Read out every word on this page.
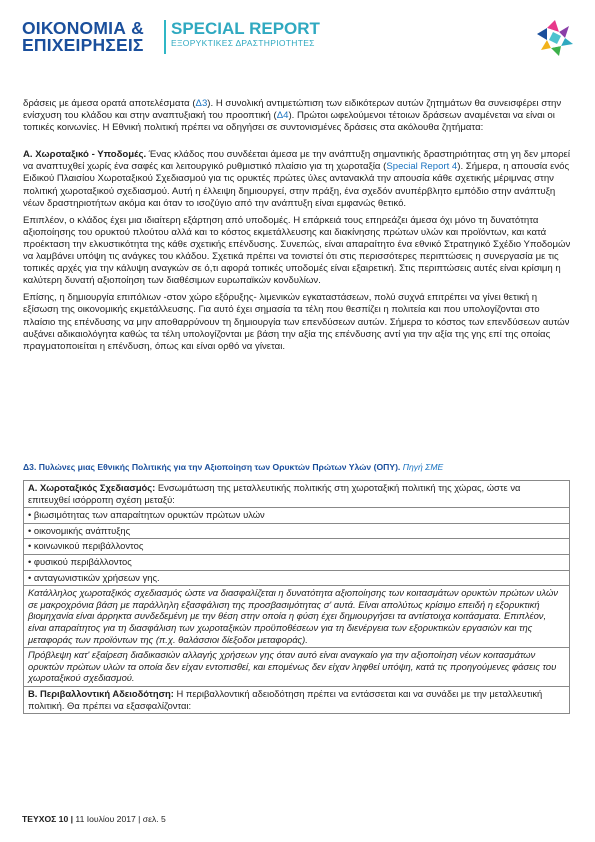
ΟΙΚΟΝΟΜΙΑ &
ΕΠΙΧΕΙΡΗΣΕΙΣ
SPECIAL REPORT
ΕΞΟΡΥΚΤΙΚΕΣ ΔΡΑΣΤΗΡΙΟΤΗΤΕΣ

δράσεις με άμεσα ορατά αποτελέσματα (Δ3). Η συνολική αντιμετώπιση των ειδικότερων αυτών ζητημάτων θα συνεισφέρει στην ενίσχυση του κλάδου και στην αναπτυξιακή του προοπτική (Δ4). Πρώτοι ωφελούμενοι τέτοιων δράσεων αναμένεται να είναι οι τοπικές κοινωνίες. Η Εθνική πολιτική πρέπει να οδηγήσει σε συντονισμένες δράσεις στα ακόλουθα ζητήματα:

Α. Χωροταξικό - Υποδομές. Ένας κλάδος που συνδέεται άμεσα με την ανάπτυξη σημαντικής δραστηριότητας στη γη δεν μπορεί να αναπτυχθεί χωρίς ένα σαφές και λειτουργικό ρυθμιστικό πλαίσιο για τη χωροταξία (Special Report 4). Σήμερα, η απουσία ενός Ειδικού Πλαισίου Χωροταξικού Σχεδιασμού για τις ορυκτές πρώτες ύλες αντανακλά την απουσία κάθε σχετικής μέριμνας στην πολιτική χωροταξικού σχεδιασμού. Αυτή η έλλειψη δημιουργεί, στην πράξη, ένα σχεδόν ανυπέρβλητο εμπόδιο στην ανάπτυξη νέων δραστηριοτήτων ακόμα και όταν το ισοζύγιο από την ανάπτυξη είναι εμφανώς θετικό.

Επιπλέον, ο κλάδος έχει μια ιδιαίτερη εξάρτηση από υποδομές. Η επάρκειά τους επηρεάζει άμεσα όχι μόνο τη δυνατότητα αξιοποίησης του ορυκτού πλούτου αλλά και το κόστος εκμετάλλευσης και διακίνησης πρώτων υλών και προϊόντων, και κατά προέκταση την ελκυστικότητα της κάθε σχετικής επένδυσης. Συνεπώς, είναι απαραίτητο ένα εθνικό Στρατηγικό Σχέδιο Υποδομών να λαμβάνει υπόψη τις ανάγκες του κλάδου. Σχετικά πρέπει να τονιστεί ότι στις περισσότερες περιπτώσεις η συνεργασία με τις τοπικές αρχές για την κάλυψη αναγκών σε ό,τι αφορά τοπικές υποδομές είναι εξαιρετική. Στις περιπτώσεις αυτές είναι κρίσιμη η καλύτερη δυνατή αξιοποίηση των διαθέσιμων ευρωπαϊκών κονδυλίων.

Επίσης, η δημιουργία επιπόλιων -στον χώρο εξόρυξης- λιμενικών εγκαταστάσεων, πολύ συχνά επιτρέπει να γίνει θετική η εξίσωση της οικονομικής εκμετάλλευσης. Για αυτό έχει σημασία τα τέλη που θεσπίζει η πολιτεία και που υπολογίζονται στο πλαίσιο της επένδυσης να μην αποθαρρύνουν τη δημιουργία των επενδύσεων αυτών. Σήμερα το κόστος των επενδύσεων αυτών αυξάνει αδικαιολόγητα καθώς τα τέλη υπολογίζονται με βάση την αξία της επένδυσης αντί για την αξία της γης επί της οποίας πραγματοποιείται η επένδυση, όπως και είναι ορθό να γίνεται.

Δ3. Πυλώνες μιας Εθνικής Πολιτικής για την Αξιοποίηση των Ορυκτών Πρώτων Υλών (ΟΠΥ). Πηγή ΣΜΕ
Α. Χωροταξικός Σχεδιασμός: Ενσωμάτωση της μεταλλευτικής πολιτικής στη χωροταξική πολιτική της χώρας, ώστε να επιτευχθεί ισόρροπη σχέση μεταξύ:
• βιωσιμότητας των απαραίτητων ορυκτών πρώτων υλών
• οικονομικής ανάπτυξης
• κοινωνικού περιβάλλοντος
• φυσικού περιβάλλοντος
• ανταγωνιστικών χρήσεων γης.
Κατάλληλος χωροταξικός σχεδιασμός ώστε να διασφαλίζεται η δυνατότητα αξιοποίησης των κοιτασμάτων ορυκτών πρώτων υλών σε μακροχρόνια βάση με παράλληλη εξασφάλιση της προσβασιμότητας σ' αυτά. Είναι απολύτως κρίσιμο επειδή η εξορυκτική βιομηχανία είναι άρρηκτα συνδεδεμένη με την θέση στην οποία η φύση έχει δημιουργήσει τα αντίστοιχα κοιτάσματα. Επιπλέον, είναι απαραίτητος για τη διασφάλιση των χωροταξικών προϋποθέσεων για τη διενέργεια των εξορυκτικών εργασιών και της μεταφοράς των προϊόντων της (π.χ. θαλάσσιοι δίεξοδοι μεταφοράς).
Πρόβλεψη κατ' εξαίρεση διαδικασιών αλλαγής χρήσεων γης όταν αυτό είναι αναγκαίο για την αξιοποίηση νέων κοιτασμάτων ορυκτών πρώτων υλών τα οποία δεν είχαν εντοπισθεί, και επομένως δεν είχαν ληφθεί υπόψη, κατά τις προηγούμενες φάσεις του χωροταξικού σχεδιασμού.
Β. Περιβαλλοντική Αδειοδότηση: Η περιβαλλοντική αδειοδότηση πρέπει να εντάσσεται και να συνάδει με την μεταλλευτική πολιτική. Θα πρέπει να εξασφαλίζονται:
ΤΕΥΧΟΣ 10 | 11 Ιουλίου 2017 | σελ. 5
